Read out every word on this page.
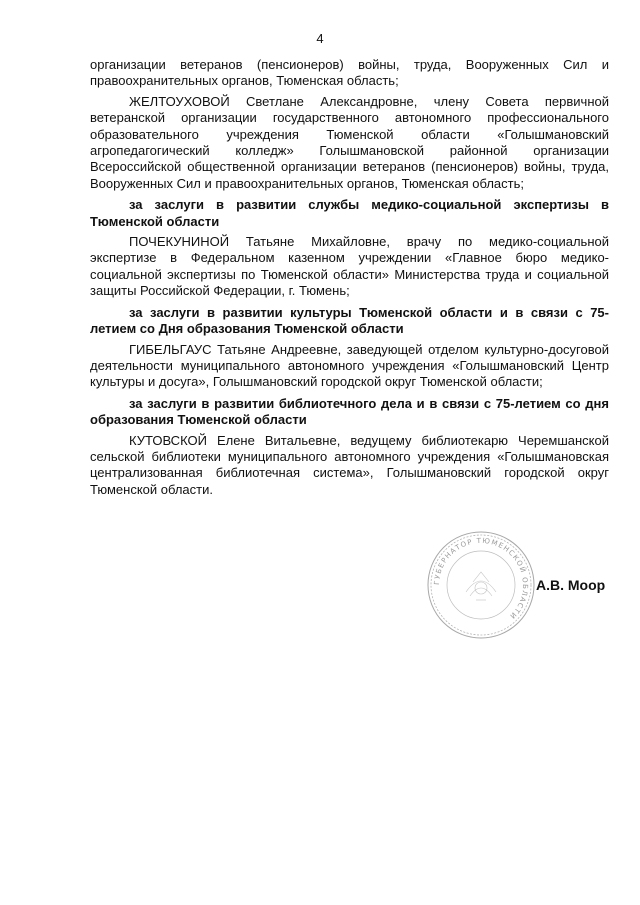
4

организации ветеранов (пенсионеров) войны, труда, Вооруженных Сил и правоохранительных органов, Тюменская область;

ЖЕЛТОУХОВОЙ Светлане Александровне, члену Совета первичной ветеранской организации государственного автономного профессионального образовательного учреждения Тюменской области «Голышмановский агропедагогический колледж» Голышмановской районной организации Всероссийской общественной организации ветеранов (пенсионеров) войны, труда, Вооруженных Сил и правоохранительных органов, Тюменская область;

за заслуги в развитии службы медико-социальной экспертизы в Тюменской области

ПОЧЕКУНИНОЙ Татьяне Михайловне, врачу по медико-социальной экспертизе в Федеральном казенном учреждении «Главное бюро медико-социальной экспертизы по Тюменской области» Министерства труда и социальной защиты Российской Федерации, г. Тюмень;

за заслуги в развитии культуры Тюменской области и в связи с 75-летием со Дня образования Тюменской области

ГИБЕЛЬГАУС Татьяне Андреевне, заведующей отделом культурно-досуговой деятельности муниципального автономного учреждения «Голышмановский Центр культуры и досуга», Голышмановский городской округ Тюменской области;

за заслуги в развитии библиотечного дела и в связи с 75-летием со дня образования Тюменской области

КУТОВСКОЙ Елене Витальевне, ведущему библиотекарю Черемшанской сельской библиотеки муниципального автономного учреждения «Голышмановская централизованная библиотечная система», Голышмановский городской округ Тюменской области.

ГУБЕРНАТОР ТЮМЕНСКОЙ ОБЛАСТИ
А.В. Моор
